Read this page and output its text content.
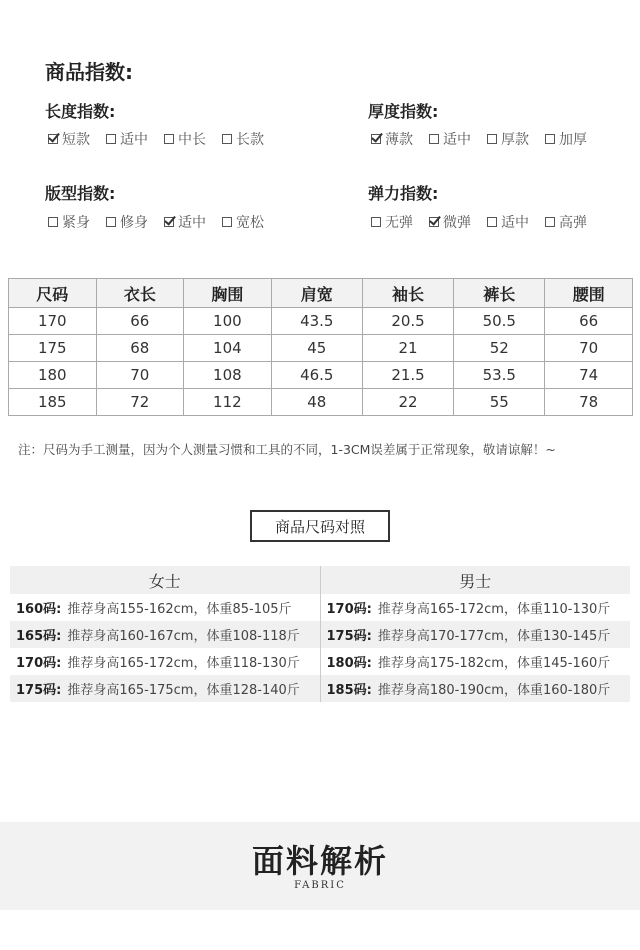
商品指数:
长度指数:
短款 适中 中长 长款
厚度指数:
薄款 适中 厚款 加厚
版型指数:
紧身 修身 适中 宽松
弹力指数:
无弹 微弹 适中 高弹
尺码	衣长	胸围	肩宽	袖长	裤长	腰围
170	66	100	43.5	20.5	50.5	66
175	68	104	45	21	52	70
180	70	108	46.5	21.5	53.5	74
185	72	112	48	22	55	78
注：尺码为手工测量，因为个人测量习惯和工具的不同，1-3CM误差属于正常现象，敬请谅解！~
商品尺码对照
女士	男士
160码: 推荐身高155-162cm，体重85-105斤	170码: 推荐身高165-172cm，体重110-130斤
165码: 推荐身高160-167cm，体重108-118斤 175码: 推荐身高170-177cm，体重130-145斤
170码: 推荐身高165-172cm，体重118-130斤 180码: 推荐身高175-182cm，体重145-160斤
175码: 推荐身高165-175cm，体重128-140斤 185码: 推荐身高180-190cm，体重160-180斤
面料解析
FABRIC
